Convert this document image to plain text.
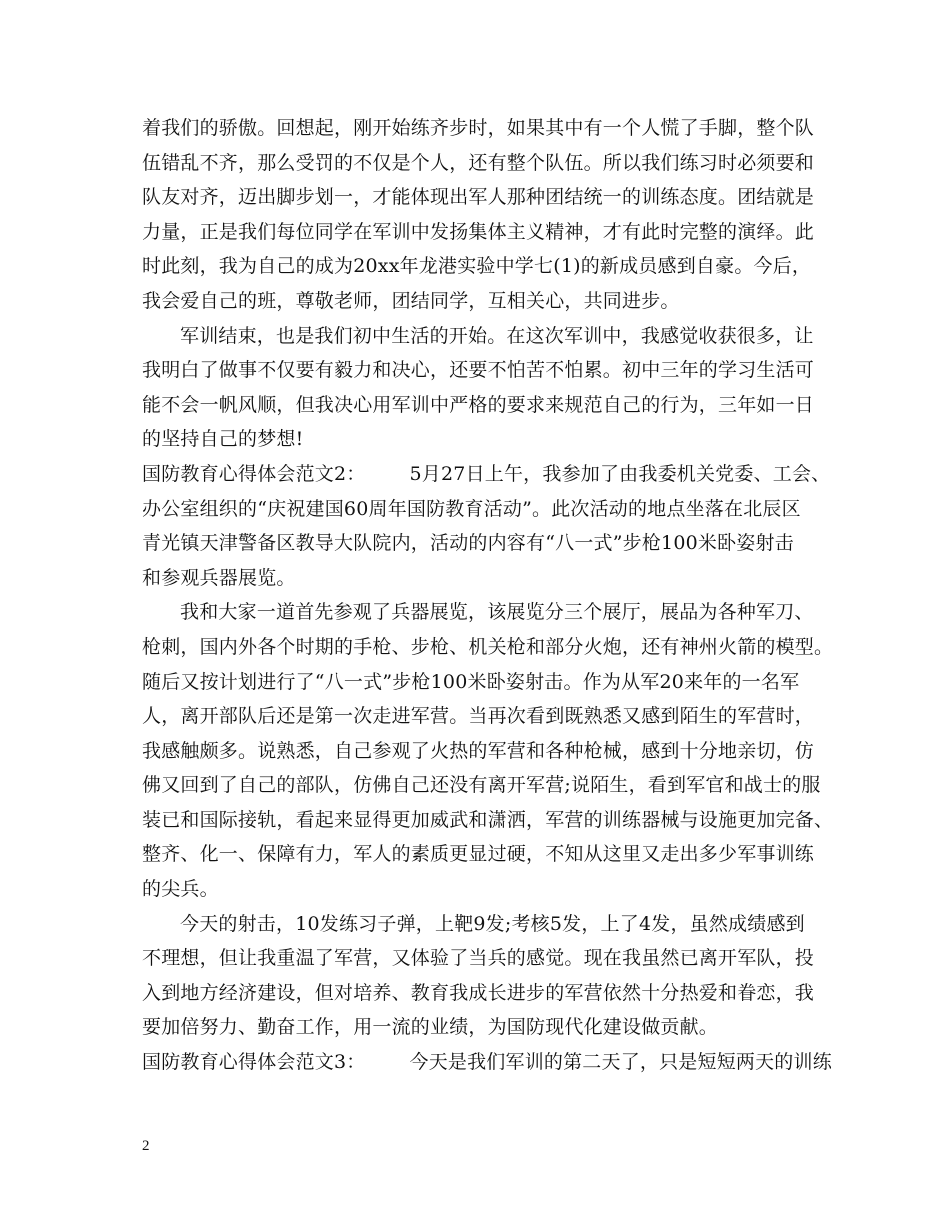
着我们的骄傲。回想起，刚开始练齐步时，如果其中有一个人慌了手脚，整个队
伍错乱不齐，那么受罚的不仅是个人，还有整个队伍。所以我们练习时必须要和
队友对齐，迈出脚步划一，才能体现出军人那种团结统一的训练态度。团结就是
力量，正是我们每位同学在军训中发扬集体主义精神，才有此时完整的演绎。此
时此刻，我为自己的成为20xx年龙港实验中学七(1)的新成员感到自豪。今后，
我会爱自己的班，尊敬老师，团结同学，互相关心，共同进步。
军训结束，也是我们初中生活的开始。在这次军训中，我感觉收获很多，让
我明白了做事不仅要有毅力和决心，还要不怕苦不怕累。初中三年的学习生活可
能不会一帆风顺，但我决心用军训中严格的要求来规范自己的行为，三年如一日
的坚持自己的梦想!
国防教育心得体会范文2： 5月27日上午，我参加了由我委机关党委、工会、
办公室组织的“庆祝建国60周年国防教育活动”。此次活动的地点坐落在北辰区
青光镇天津警备区教导大队院内，活动的内容有“八一式”步枪100米卧姿射击
和参观兵器展览。
我和大家一道首先参观了兵器展览，该展览分三个展厅，展品为各种军刀、
枪刺，国内外各个时期的手枪、步枪、机关枪和部分火炮，还有神州火箭的模型。
随后又按计划进行了“八一式”步枪100米卧姿射击。作为从军20来年的一名军
人，离开部队后还是第一次走进军营。当再次看到既熟悉又感到陌生的军营时，
我感触颇多。说熟悉，自己参观了火热的军营和各种枪械，感到十分地亲切，仿
佛又回到了自己的部队，仿佛自己还没有离开军营;说陌生，看到军官和战士的服
装已和国际接轨，看起来显得更加威武和潇洒，军营的训练器械与设施更加完备、
整齐、化一、保障有力，军人的素质更显过硬，不知从这里又走出多少军事训练
的尖兵。
今天的射击，10发练习子弹，上靶9发;考核5发，上了4发，虽然成绩感到
不理想，但让我重温了军营，又体验了当兵的感觉。现在我虽然已离开军队，投
入到地方经济建设，但对培养、教育我成长进步的军营依然十分热爱和眷恋，我
要加倍努力、勤奋工作，用一流的业绩，为国防现代化建设做贡献。
国防教育心得体会范文3： 今天是我们军训的第二天了，只是短短两天的训练
2
